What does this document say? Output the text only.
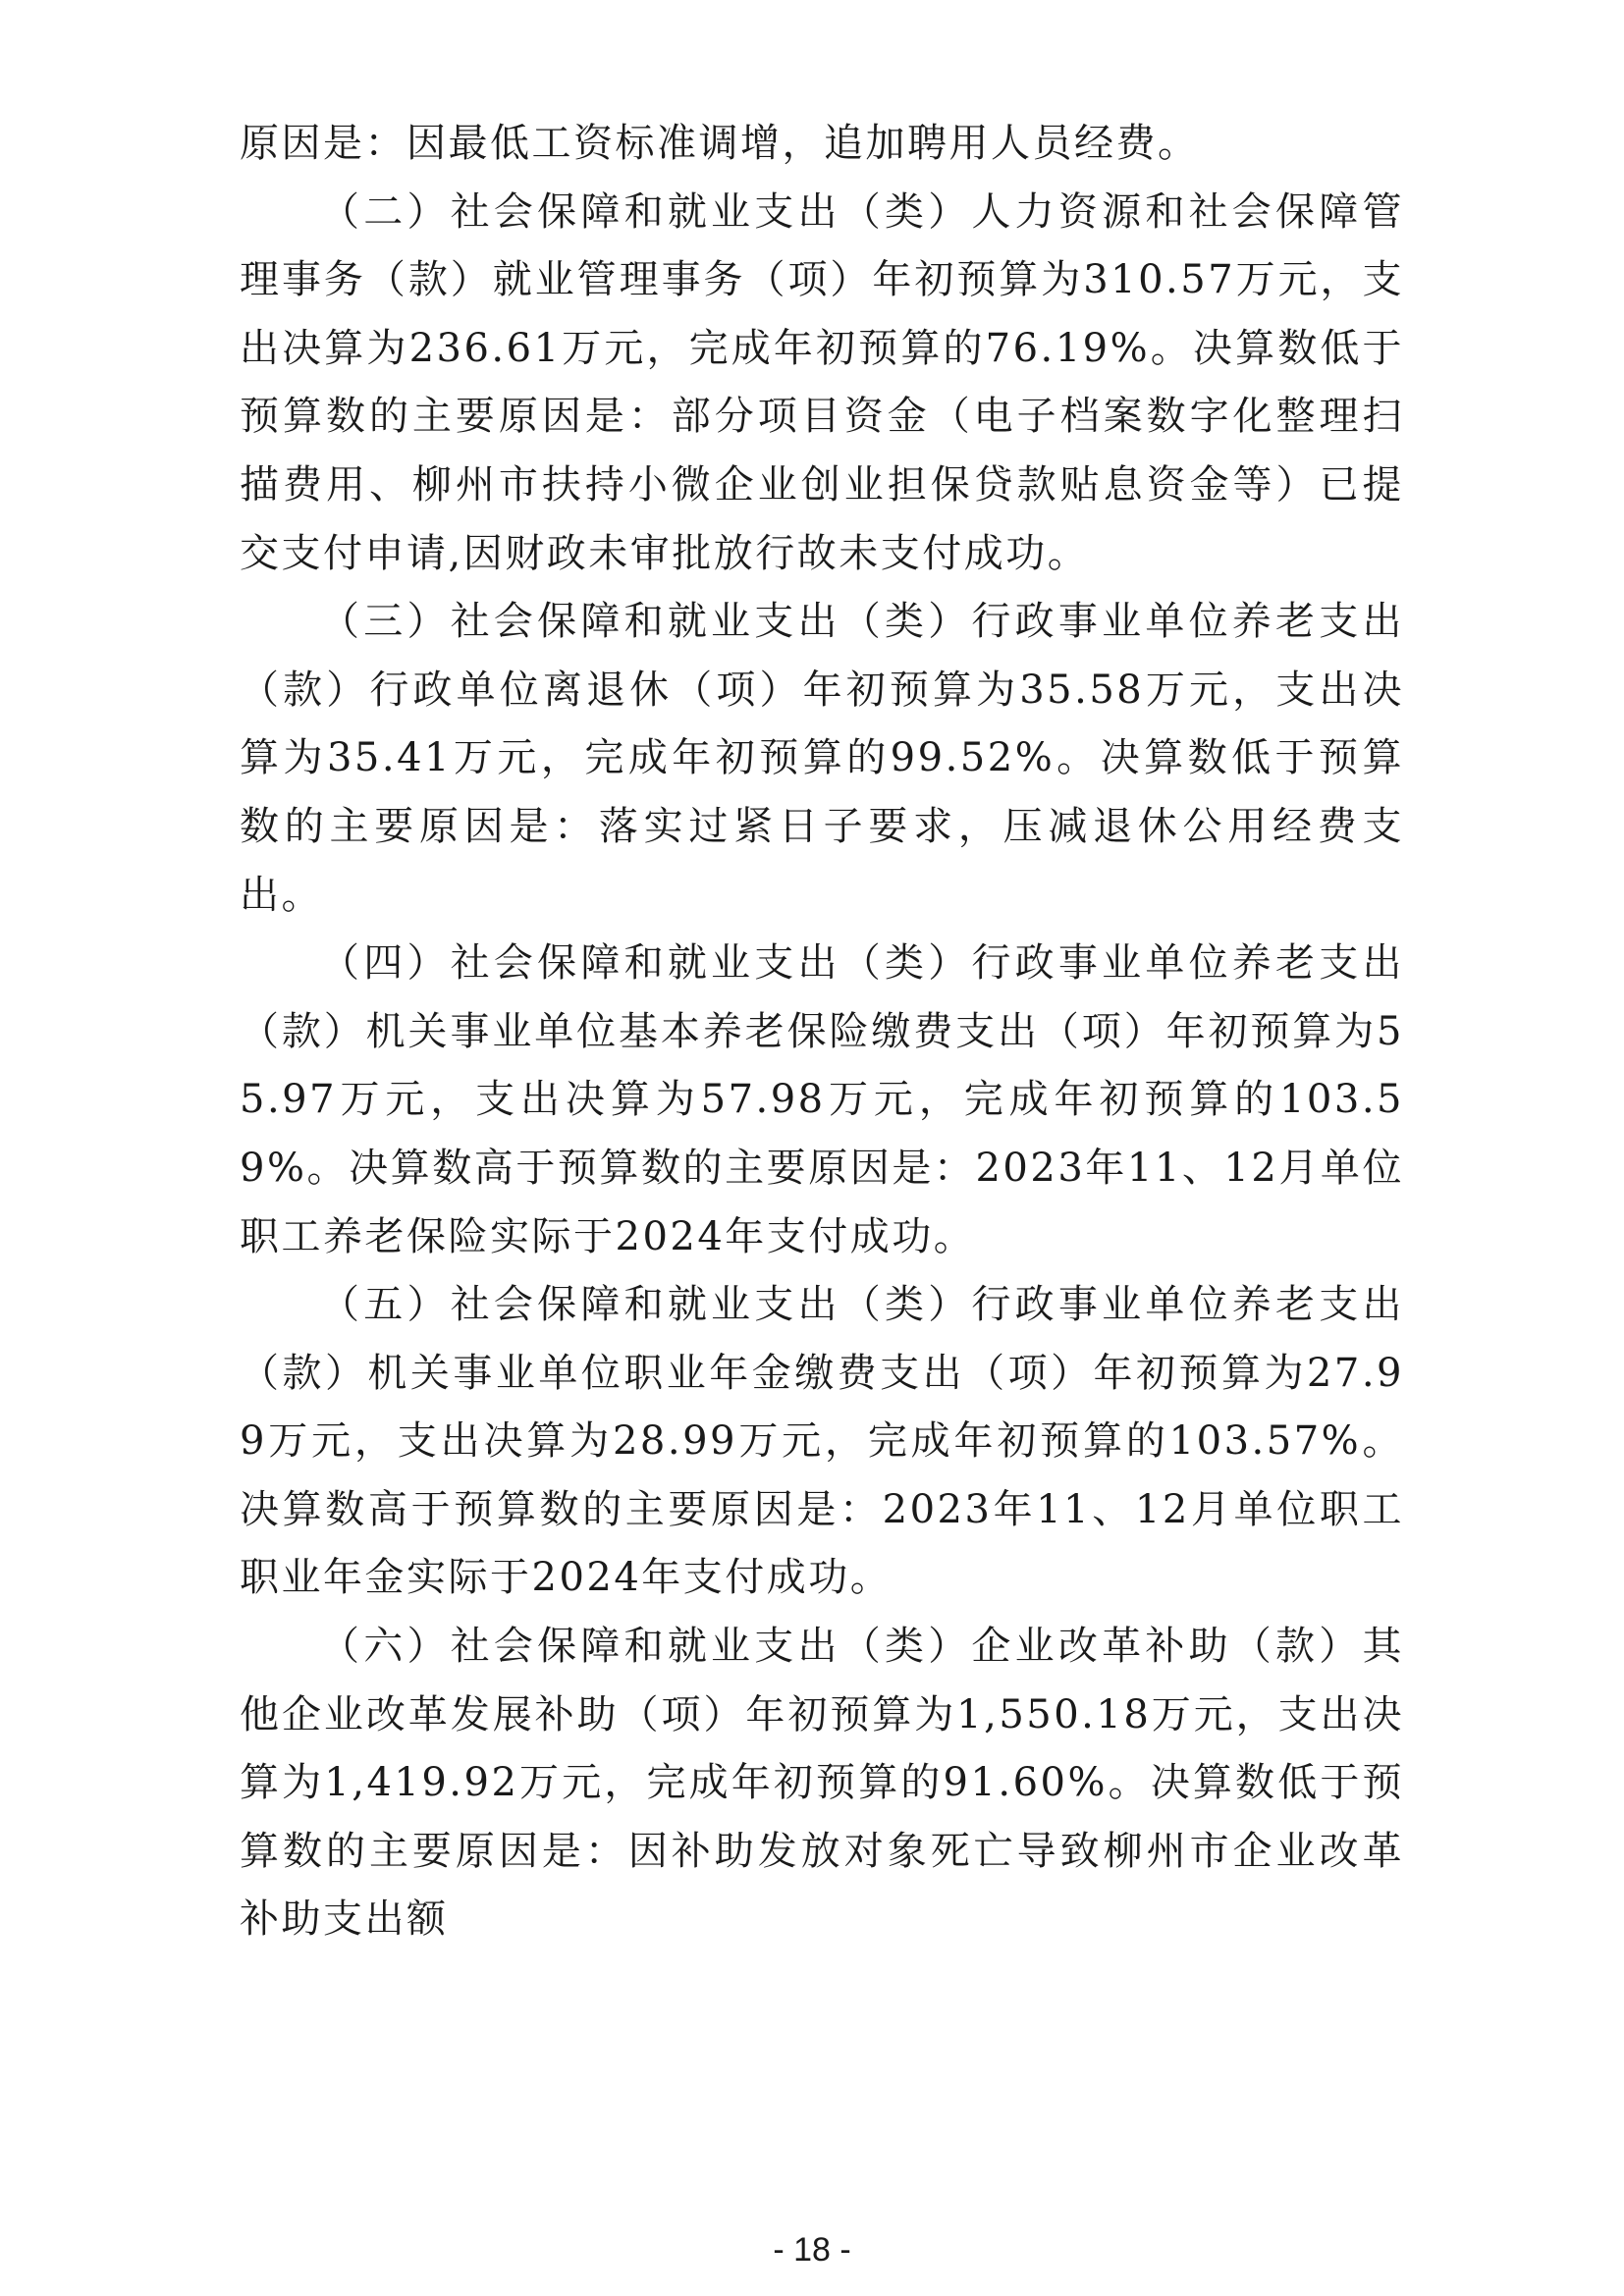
原因是：因最低工资标准调增，追加聘用人员经费。

（二）社会保障和就业支出（类）人力资源和社会保障管理事务（款）就业管理事务（项）年初预算为310.57万元，支出决算为236.61万元，完成年初预算的76.19%。决算数低于预算数的主要原因是：部分项目资金（电子档案数字化整理扫描费用、柳州市扶持小微企业创业担保贷款贴息资金等）已提交支付申请,因财政未审批放行故未支付成功。

（三）社会保障和就业支出（类）行政事业单位养老支出（款）行政单位离退休（项）年初预算为35.58万元，支出决算为35.41万元，完成年初预算的99.52%。决算数低于预算数的主要原因是：落实过紧日子要求，压减退休公用经费支出。

（四）社会保障和就业支出（类）行政事业单位养老支出（款）机关事业单位基本养老保险缴费支出（项）年初预算为55.97万元，支出决算为57.98万元，完成年初预算的103.59%。决算数高于预算数的主要原因是：2023年11、12月单位职工养老保险实际于2024年支付成功。

（五）社会保障和就业支出（类）行政事业单位养老支出（款）机关事业单位职业年金缴费支出（项）年初预算为27.99万元，支出决算为28.99万元，完成年初预算的103.57%。决算数高于预算数的主要原因是：2023年11、12月单位职工职业年金实际于2024年支付成功。

（六）社会保障和就业支出（类）企业改革补助（款）其他企业改革发展补助（项）年初预算为1,550.18万元，支出决算为1,419.92万元，完成年初预算的91.60%。决算数低于预算数的主要原因是：因补助发放对象死亡导致柳州市企业改革补助支出额

- 18 -
